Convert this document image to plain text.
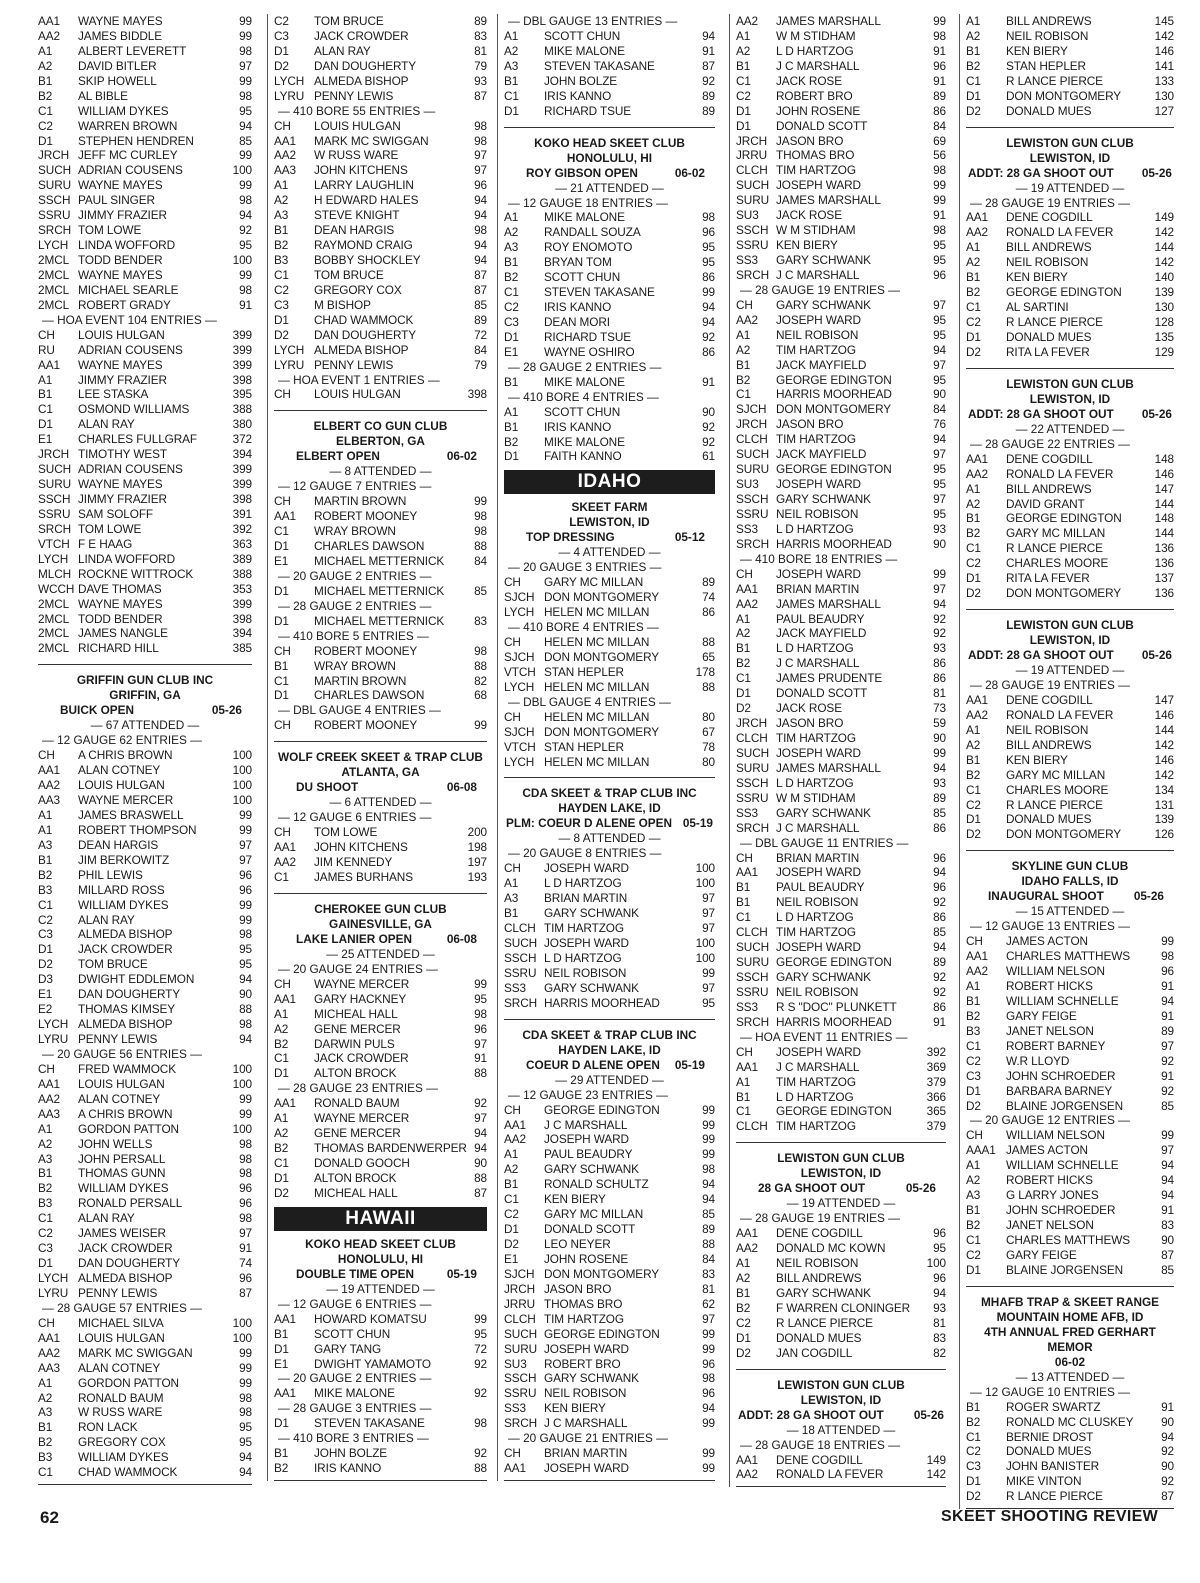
AA1	WAYNE MAYES	99
AA2	JAMES BIDDLE	99
A1	ALBERT LEVERETT	98
A2	DAVID BITLER	97
B1	SKIP HOWELL	99
B2	AL BIBLE	98
C1	WILLIAM DYKES	95
C2	WARREN BROWN	94
D1	STEPHEN HENDREN	85
JRCH JEFF MC CURLEY	99
SUCH ADRIAN COUSENS	100
SURU WAYNE MAYES	99
SSCH PAUL SINGER	98
SSRU JIMMY FRAZIER	94
SRCH TOM LOWE	92
LYCH LINDA WOFFORD	95
2MCL TODD BENDER	100
2MCL WAYNE MAYES	99
2MCL MICHAEL SEARLE	98
2MCL ROBERT GRADY	91
— HOA EVENT 104 ENTRIES —
CH	LOUIS HULGAN	399
RU	ADRIAN COUSENS	399
AA1	WAYNE MAYES	399
A1	JIMMY FRAZIER	398
B1	LEE STASKA	395
C1	OSMOND WILLIAMS	388
D1	ALAN RAY	380
E1	CHARLES FULLGRAF	372
JRCH TIMOTHY WEST	394
SUCH ADRIAN COUSENS	399
SURU WAYNE MAYES	399
SSCH JIMMY FRAZIER	398
SSRU SAM SOLOFF	391
SRCH TOM LOWE	392
VTCH F E HAAG	363
LYCH LINDA WOFFORD	389
MLCH ROCKNE WITTROCK	388
WCCH DAVE THOMAS	353
2MCL WAYNE MAYES	399
2MCL TODD BENDER	398
2MCL JAMES NANGLE	394
2MCL RICHARD HILL	385
GRIFFIN GUN CLUB INC
GRIFFIN, GA
BUICK OPEN	05-26
— 67 ATTENDED —
— 12 GAUGE 62 ENTRIES —
CH	A CHRIS BROWN	100
AA1	ALAN COTNEY	100
AA2	LOUIS HULGAN	100
AA3	WAYNE MERCER	100
A1	JAMES BRASWELL	99
A1	ROBERT THOMPSON	99
A3	DEAN HARGIS	97
B1	JIM BERKOWITZ	97
B2	PHIL LEWIS	96
B3	MILLARD ROSS	96
C1	WILLIAM DYKES	99
C2	ALAN RAY	99
C3	ALMEDA BISHOP	98
D1	JACK CROWDER	95
D2	TOM BRUCE	95
D3	DWIGHT EDDLEMON	94
E1	DAN DOUGHERTY	90
E2	THOMAS KIMSEY	88
LYCH ALMEDA BISHOP	98
LYRU PENNY LEWIS	94
— 20 GAUGE 56 ENTRIES —
CH	FRED WAMMOCK	100
AA1	LOUIS HULGAN	100
AA2	ALAN COTNEY	99
AA3	A CHRIS BROWN	99
A1	GORDON PATTON	100
A2	JOHN WELLS	98
A3	JOHN PERSALL	98
B1	THOMAS GUNN	98
B2	WILLIAM DYKES	96
B3	RONALD PERSALL	96
C1	ALAN RAY	98
C2	JAMES WEISER	97
C3	JACK CROWDER	91
D1	DAN DOUGHERTY	74
LYCH ALMEDA BISHOP	96
LYRU PENNY LEWIS	87
— 28 GAUGE 57 ENTRIES —
CH	MICHAEL SILVA	100
AA1	LOUIS HULGAN	100
AA2	MARK MC SWIGGAN	99
AA3	ALAN COTNEY	99
A1	GORDON PATTON	99
A2	RONALD BAUM	98
A3	W RUSS WARE	98
B1	RON LACK	95
B2	GREGORY COX	95
B3	WILLIAM DYKES	94
C1	CHAD WAMMOCK	94
C2	TOM BRUCE	89
C3	JACK CROWDER	83
D1	ALAN RAY	81
D2	DAN DOUGHERTY	79
LYCH ALMEDA BISHOP	93
LYRU PENNY LEWIS	87
— 410 BORE 55 ENTRIES —
CH	LOUIS HULGAN	98
AA1	MARK MC SWIGGAN	98
AA2	W RUSS WARE	97
AA3	JOHN KITCHENS	97
A1	LARRY LAUGHLIN	96
A2	H EDWARD HALES	94
A3	STEVE KNIGHT	94
B1	DEAN HARGIS	98
B2	RAYMOND CRAIG	94
B3	BOBBY SHOCKLEY	94
C1	TOM BRUCE	87
C2	GREGORY COX	87
C3	M BISHOP	85
D1	CHAD WAMMOCK	89
D2	DAN DOUGHERTY	72
LYCH ALMEDA BISHOP	84
LYRU PENNY LEWIS	79
— HOA EVENT 1 ENTRIES —
CH	LOUIS HULGAN	398
ELBERT CO GUN CLUB
ELBERTON, GA
ELBERT OPEN	06-02
— 8 ATTENDED —
— 12 GAUGE 7 ENTRIES —
CH	MARTIN BROWN	99
AA1	ROBERT MOONEY	98
C1	WRAY BROWN	98
D1	CHARLES DAWSON	88
E1	MICHAEL METTERNICK	84
— 20 GAUGE 2 ENTRIES —
D1	MICHAEL METTERNICK	85
— 28 GAUGE 2 ENTRIES —
D1	MICHAEL METTERNICK	83
— 410 BORE 5 ENTRIES —
CH	ROBERT MOONEY	98
B1	WRAY BROWN	88
C1	MARTIN BROWN	82
D1	CHARLES DAWSON	68
— DBL GAUGE 4 ENTRIES —
CH	ROBERT MOONEY	99
WOLF CREEK SKEET & TRAP CLUB
ATLANTA, GA
DU SHOOT	06-08
— 6 ATTENDED —
— 12 GAUGE 6 ENTRIES —
CH	TOM LOWE	200
AA1	JOHN KITCHENS	198
AA2	JIM KENNEDY	197
C1	JAMES BURHANS	193
CHEROKEE GUN CLUB
GAINESVILLE, GA
LAKE LANIER OPEN	06-08
— 25 ATTENDED —
— 20 GAUGE 24 ENTRIES —
CH	WAYNE MERCER	99
AA1	GARY HACKNEY	95
A1	MICHEAL HALL	98
A2	GENE MERCER	96
B2	DARWIN PULS	97
C1	JACK CROWDER	91
D1	ALTON BROCK	88
— 28 GAUGE 23 ENTRIES —
AA1	RONALD BAUM	92
A1	WAYNE MERCER	97
A2	GENE MERCER	94
B2	THOMAS BARDENWERPER 94
C1	DONALD GOOCH	90
D1	ALTON BROCK	88
D2	MICHEAL HALL	87
HAWAII
KOKO HEAD SKEET CLUB
HONOLULU, HI
DOUBLE TIME OPEN	05-19
— 19 ATTENDED —
— 12 GAUGE 6 ENTRIES —
AA1	HOWARD KOMATSU	99
B1	SCOTT CHUN	95
D1	GARY TANG	72
E1	DWIGHT YAMAMOTO	92
— 20 GAUGE 2 ENTRIES —
AA1	MIKE MALONE	92
— 28 GAUGE 3 ENTRIES —
D1	STEVEN TAKASANE	98
— 410 BORE 3 ENTRIES —
B1	JOHN BOLZE	92
B2	IRIS KANNO	88
— DBL GAUGE 13 ENTRIES —
A1	SCOTT CHUN	94
A2	MIKE MALONE	91
A3	STEVEN TAKASANE	87
B1	JOHN BOLZE	92
C1	IRIS KANNO	89
D1	RICHARD TSUE	89
KOKO HEAD SKEET CLUB
HONOLULU, HI
ROY GIBSON OPEN	06-02
— 21 ATTENDED —
— 12 GAUGE 18 ENTRIES —
A1	MIKE MALONE	98
A2	RANDALL SOUZA	96
A3	ROY ENOMOTO	95
B1	BRYAN TOM	95
B2	SCOTT CHUN	86
C1	STEVEN TAKASANE	99
C2	IRIS KANNO	94
C3	DEAN MORI	94
D1	RICHARD TSUE	92
E1	WAYNE OSHIRO	86
— 28 GAUGE 2 ENTRIES —
B1	MIKE MALONE	91
— 410 BORE 4 ENTRIES —
A1	SCOTT CHUN	90
B1	IRIS KANNO	92
B2	MIKE MALONE	92
D1	FAITH KANNO	61
IDAHO
SKEET FARM
LEWISTON, ID
TOP DRESSING	05-12
— 4 ATTENDED —
— 20 GAUGE 3 ENTRIES —
CH	GARY MC MILLAN	89
SJCH DON MONTGOMERY	74
LYCH HELEN MC MILLAN	86
— 410 BORE 4 ENTRIES —
CH	HELEN MC MILLAN	88
SJCH DON MONTGOMERY	65
VTCH STAN HEPLER	178
LYCH HELEN MC MILLAN	88
— DBL GAUGE 4 ENTRIES —
CH	HELEN MC MILLAN	80
SJCH DON MONTGOMERY	67
VTCH STAN HEPLER	78
LYCH HELEN MC MILLAN	80
CDA SKEET & TRAP CLUB INC
HAYDEN LAKE, ID
PLM: COEUR D ALENE OPEN 05-19
— 8 ATTENDED —
— 20 GAUGE 8 ENTRIES —
CH	JOSEPH WARD	100
A1	L D HARTZOG	100
A3	BRIAN MARTIN	97
B1	GARY SCHWANK	97
CLCH TIM HARTZOG	97
SUCH JOSEPH WARD	100
SSCH L D HARTZOG	100
SSRU NEIL ROBISON	99
SS3	GARY SCHWANK	97
SRCH HARRIS MOORHEAD	95
CDA SKEET & TRAP CLUB INC
HAYDEN LAKE, ID
COEUR D ALENE OPEN 05-19
— 29 ATTENDED —
— 12 GAUGE 23 ENTRIES —
CH	GEORGE EDINGTON	99
AA1	J C MARSHALL	99
AA2	JOSEPH WARD	99
A1	PAUL BEAUDRY	99
A2	GARY SCHWANK	98
B1	RONALD SCHULTZ	94
C1	KEN BIERY	94
C2	GARY MC MILLAN	85
D1	DONALD SCOTT	89
D2	LEO NEYER	88
E1	JOHN ROSENE	84
SJCH DON MONTGOMERY	83
JRCH JASON BRO	81
JRRU THOMAS BRO	62
CLCH TIM HARTZOG	97
SUCH GEORGE EDINGTON	99
SURU JOSEPH WARD	99
SU3	ROBERT BRO	96
SSCH GARY SCHWANK	98
SSRU NEIL ROBISON	96
SS3	KEN BIERY	94
SRCH J C MARSHALL	99
— 20 GAUGE 21 ENTRIES —
CH	BRIAN MARTIN	99
AA1	JOSEPH WARD	99
AA2	JAMES MARSHALL	99
A1	W M STIDHAM	98
A2	L D HARTZOG	91
B1	J C MARSHALL	96
C1	JACK ROSE	91
C2	ROBERT BRO	89
D1	JOHN ROSENE	86
D1	DONALD SCOTT	84
JRCH JASON BRO	69
JRRU THOMAS BRO	56
CLCH TIM HARTZOG	98
SUCH JOSEPH WARD	99
SURU JAMES MARSHALL	99
SU3	JACK ROSE	91
SSCH W M STIDHAM	98
SSRU KEN BIERY	95
SS3	GARY SCHWANK	95
SRCH J C MARSHALL	96
— 28 GAUGE 19 ENTRIES —
CH	GARY SCHWANK	97
AA2	JOSEPH WARD	95
A1	NEIL ROBISON	95
A2	TIM HARTZOG	94
B1	JACK MAYFIELD	97
B2	GEORGE EDINGTON	95
C1	HARRIS MOORHEAD	90
SJCH DON MONTGOMERY	84
JRCH JASON BRO	76
CLCH TIM HARTZOG	94
SUCH JACK MAYFIELD	97
SURU GEORGE EDINGTON	95
SU3	JOSEPH WARD	95
SSCH GARY SCHWANK	97
SSRU NEIL ROBISON	95
SS3	L D HARTZOG	93
SRCH HARRIS MOORHEAD	90
— 410 BORE 18 ENTRIES —
CH	JOSEPH WARD	99
AA1	BRIAN MARTIN	97
AA2	JAMES MARSHALL	94
A1	PAUL BEAUDRY	92
A2	JACK MAYFIELD	92
B1	L D HARTZOG	93
B2	J C MARSHALL	86
C1	JAMES PRUDENTE	86
D1	DONALD SCOTT	81
D2	JACK ROSE	73
JRCH JASON BRO	59
CLCH TIM HARTZOG	90
SUCH JOSEPH WARD	99
SURU JAMES MARSHALL	94
SSCH L D HARTZOG	93
SSRU W M STIDHAM	89
SS3	GARY SCHWANK	85
SRCH J C MARSHALL	86
— DBL GAUGE 11 ENTRIES —
CH	BRIAN MARTIN	96
AA1	JOSEPH WARD	94
B1	PAUL BEAUDRY	96
B1	NEIL ROBISON	92
C1	L D HARTZOG	86
CLCH TIM HARTZOG	85
SUCH JOSEPH WARD	94
SURU GEORGE EDINGTON	89
SSCH GARY SCHWANK	92
SSRU NEIL ROBISON	92
SS3	R S "DOC" PLUNKETT	86
SRCH HARRIS MOORHEAD	91
— HOA EVENT 11 ENTRIES —
CH	JOSEPH WARD	392
AA1	J C MARSHALL	369
A1	TIM HARTZOG	379
B1	L D HARTZOG	366
C1	GEORGE EDINGTON	365
CLCH TIM HARTZOG	379
LEWISTON GUN CLUB
LEWISTON, ID
28 GA SHOOT OUT	05-26
— 19 ATTENDED —
— 28 GAUGE 19 ENTRIES —
AA1	DENE COGDILL	96
AA2	DONALD MC KOWN	95
A1	NEIL ROBISON	100
A2	BILL ANDREWS	96
B1	GARY SCHWANK	94
B2	F WARREN CLONINGER	93
C2	R LANCE PIERCE	81
D1	DONALD MUES	83
D2	JAN COGDILL	82
LEWISTON GUN CLUB
LEWISTON, ID
ADDT: 28 GA SHOOT OUT	05-26
— 18 ATTENDED —
— 28 GAUGE 18 ENTRIES —
AA1	DENE COGDILL	149
AA2	RONALD LA FEVER	142
A1	BILL ANDREWS	145
A2	NEIL ROBISON	142
B1	KEN BIERY	146
B2	STAN HEPLER	141
C1	R LANCE PIERCE	133
D1	DON MONTGOMERY	130
D2	DONALD MUES	127
LEWISTON GUN CLUB
LEWISTON, ID
ADDT: 28 GA SHOOT OUT 05-26
— 19 ATTENDED —
— 28 GAUGE 19 ENTRIES —
AA1	DENE COGDILL	149
AA2	RONALD LA FEVER	142
A1	BILL ANDREWS	144
A2	NEIL ROBISON	142
B1	KEN BIERY	140
B2	GEORGE EDINGTON	139
C1	AL SARTINI	130
C2	R LANCE PIERCE	128
D1	DONALD MUES	135
D2	RITA LA FEVER	129
LEWISTON GUN CLUB
LEWISTON, ID
ADDT: 28 GA SHOOT OUT 05-26
— 22 ATTENDED —
— 28 GAUGE 22 ENTRIES —
AA1	DENE COGDILL	148
AA2	RONALD LA FEVER	146
A1	BILL ANDREWS	147
A2	DAVID GRANT	144
B1	GEORGE EDINGTON	148
B2	GARY MC MILLAN	144
C1	R LANCE PIERCE	136
C2	CHARLES MOORE	136
D1	RITA LA FEVER	137
D2	DON MONTGOMERY	136
LEWISTON GUN CLUB
LEWISTON, ID
ADDT: 28 GA SHOOT OUT 05-26
— 19 ATTENDED —
— 28 GAUGE 19 ENTRIES —
AA1	DENE COGDILL	147
AA2	RONALD LA FEVER	146
A1	NEIL ROBISON	144
A2	BILL ANDREWS	142
B1	KEN BIERY	146
B2	GARY MC MILLAN	142
C1	CHARLES MOORE	134
C2	R LANCE PIERCE	131
D1	DONALD MUES	139
D2	DON MONTGOMERY	126
SKYLINE GUN CLUB
IDAHO FALLS, ID
INAUGURAL SHOOT	05-26
— 15 ATTENDED —
— 12 GAUGE 13 ENTRIES —
CH	JAMES ACTON	99
AA1	CHARLES MATTHEWS	98
AA2	WILLIAM NELSON	96
A1	ROBERT HICKS	91
B1	WILLIAM SCHNELLE	94
B2	GARY FEIGE	91
B3	JANET NELSON	89
C1	ROBERT BARNEY	97
C2	W.R LLOYD	92
C3	JOHN SCHROEDER	91
D1	BARBARA BARNEY	92
D2	BLAINE JORGENSEN	85
— 20 GAUGE 12 ENTRIES —
CH	WILLIAM NELSON	99
AAA1 JAMES ACTON	97
A1	WILLIAM SCHNELLE	94
A2	ROBERT HICKS	94
A3	G LARRY JONES	94
B1	JOHN SCHROEDER	91
B2	JANET NELSON	83
C1	CHARLES MATTHEWS	90
C2	GARY FEIGE	87
D1	BLAINE JORGENSEN	85
MHAFB TRAP & SKEET RANGE
MOUNTAIN HOME AFB, ID
4TH ANNUAL FRED GERHART MEMOR
06-02
— 13 ATTENDED —
— 12 GAUGE 10 ENTRIES —
B1	ROGER SWARTZ	91
B2	RONALD MC CLUSKEY	90
C1	BERNIE DROST	94
C2	DONALD MUES	92
C3	JOHN BANISTER	90
D1	MIKE VINTON	92
D2	R LANCE PIERCE	87
62	SKEET SHOOTING REVIEW
